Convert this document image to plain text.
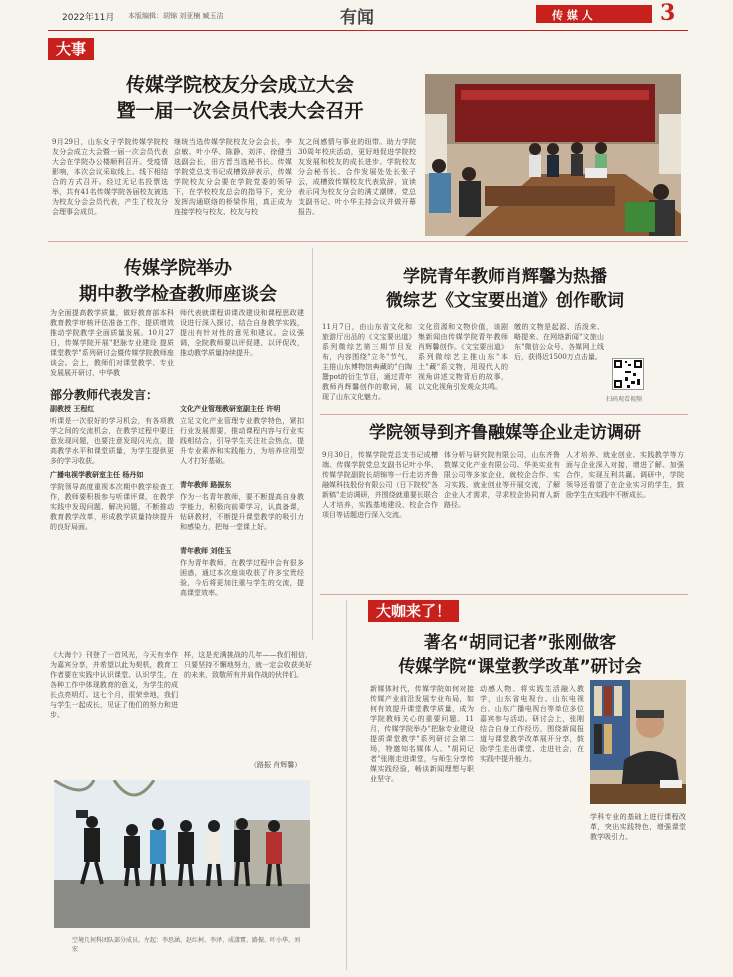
2022年11月 本版编辑：胡锦 刘亚楠 臧玉洁	有闻	传 媒 人	3
大事
传媒学院校友分会成立大会
暨一届一次会员代表大会召开
9月29日，山东女子学院传媒学院校友分会成立大会暨一届一次会员代表大会在学院办公楼顺利召开。受疫情影响，本次会议采取线上、线下相结合的方式召开。经过无记名投票选举，共有41名传媒学院各届校友被选为校友分会会员代表，产生了校友分会理事会成员。
继统当选传媒学院校友分会会长，李京敏、叶小华、陈静、刘洋、徐健当选副会长，田方晋当选秘书长。传媒学院党总支书记成槽致辞表示，传媒学院校友分会要在学院党委的领导下，在学校校友总会的指导下，充分发挥沟通联络的桥梁作用，真正成为连接学校与校友、校友与校
友之间感情与事业的纽带。助力学院30周年校庆活动，更好地促进学院校友发展和校友的成长进步。学院校友分会秘书长、合作发展处处长张子云，成槽致传媒校友代表致辞，宣读表示同为校友分会的满丈潮牌，党总支副书记、叶小华主持会议并做开幕报告。
传媒学院举办
期中教学检查教师座谈会
为全面提高教学质量，做好教育部本科教育教学审核评估准备工作，提质增效推动学院教学全面质量发展。10月27日，传媒学院开展"把脉专业建设 提质课堂教学"系列研讨会暨传媒学院教师座谈会。会上，教师们对课堂教学、专业发展展开研讨，中华教
师代表就课程讲课改建设和课程思政建设进行深入探讨，结合自身教学实践，提出有针对性的意见和建议。会议强调，全院教师要以评促建、以评促改，推动教学质量持续提升。
部分教师代表发言：
副教授 王程红
听课是一次很好的学习机会，有各项教学之间的交流机会，在教学过程中要注意发现问题，也要注意发现闪光点，提高教学水平和课堂质量，为学生提供更多的学习收获。
广播电视学教研室主任 杨丹如
学院领导高度重视本次期中教学检查工作，教师要积极参与听课评课，在教学实践中发现问题、解决问题，不断推动教育教学改革，形成教学质量持续提升的良好局面。
文化产业管理教研室副主任 许明
立足文化产业管理专业教学特色，紧扣行业发展需要，推动课程内容与行业实践相结合，引导学生关注社会热点，提升专业素养和实践能力，为培养应用型人才打好基础。
青年教师 路振东
作为一名青年教师，要不断提高自身教学能力，积极向前辈学习，认真备课，钻研教材，不断提升课堂教学的吸引力和感染力，把每一堂课上好。
青年教师 刘佳玉
作为青年教师，在教学过程中会有很多困惑，通过本次座谈收获了许多宝贵经验，今后将更加注重与学生的交流，提高课堂效率。
学院青年教师肖辉馨为热播
微综艺《文宝要出道》创作歌词
11月7日，由山东省文化和旅游厅出品的《文宝要出道》系列微综艺第三期节目发布，内容围绕"立冬"节气，主推山东博物馆典藏的"白陶鬶pot的衍生节目，通过青年教师肖辉馨创作的歌词，展现了山东文化魅力。
文化资源和文物价值，该剧集新闻由传媒学院青年教师肖辉馨创作。《文宝要出道》系列微综艺主推山东"本土"藏"系文物，用现代人的视角讲述文物背后的故事，以文化视角引发观众共鸣。
缴的文物是起源、活泼来、略提来、在网络新闻"文旅山东"微信公众号、各媒网上线后，获得近1500万点击量。
扫码观看视频
学院领导到齐鲁融媒等企业走访调研
9月30日，传媒学院党总支书记成槽端、传媒学院党总支副书记叶小华、传媒学院副院长胡锦等一行走访齐鲁融媒科技股份有限公司（日下院校"各新稿"走访调研，并围绕就重要长联合人才培养，实践基地建设、校企合作项目等话题进行深入交流。
体分析与研究院有限公司，山东齐鲁数媒文化产业有限公司、华美实业有限公司等多家企业，就校企合作、实习实践、就业创业等开展交流，了解企业人才需求，寻求校企协同育人新路径。
人才培养、就业创业、实践教学等方面与企业深入对接，增进了解、加强合作，实现互利共赢。调研中，学院领导还看望了在企业实习的学生，鼓励学生在实践中不断成长。
大咖来了！
著名“胡同记者”张刚做客
传媒学院“课堂教学改革”研讨会
新媒体时代，传媒学院如何对接传媒产业前沿发展专业布局，如何有效提升课堂教学质量，成为学院教师关心的重要问题。11月，传媒学院举办"把脉专业建设 提质课堂教学"系列研讨会第二场，特邀知名媒体人、"胡同记者"张刚走进课堂，与师生分享传媒实践经验，畅谈新闻理想与职业坚守。
动感人物、将实践生活融入教学，山东省电视台、山东电视台、山东广播电视台等单位多位嘉宾参与活动。研讨会上，张刚结合自身工作经历，围绕新闻报道与课堂教学改革展开分享，鼓励学生走出课堂、走进社会，在实践中提升能力。
学科专业的基础上进行课程改革，突出实践特色，增强课堂教学吸引力。
《大海个》刊登了一首风光，今天有幸作为嘉宾分享，并希望以此为契机，教育工作者要在实践中认识课堂、认识学生，在各种工作中体现教育的意义，为学生的成长点亮明灯。这七个月，很荣幸地，我们与学生一起成长，见证了他们的努力和进步。
样，这是充满挑战的几年——我们相信，只要坚持不懈地努力，就一定会收获美好的未来，致敬所有并肩作战的伙伴们。
（路振 肖辉馨）
空境几何科团队部分成员，左起：李思涵、赵红柯、李泽、成潇霄、路振、叶小华、刘宏
